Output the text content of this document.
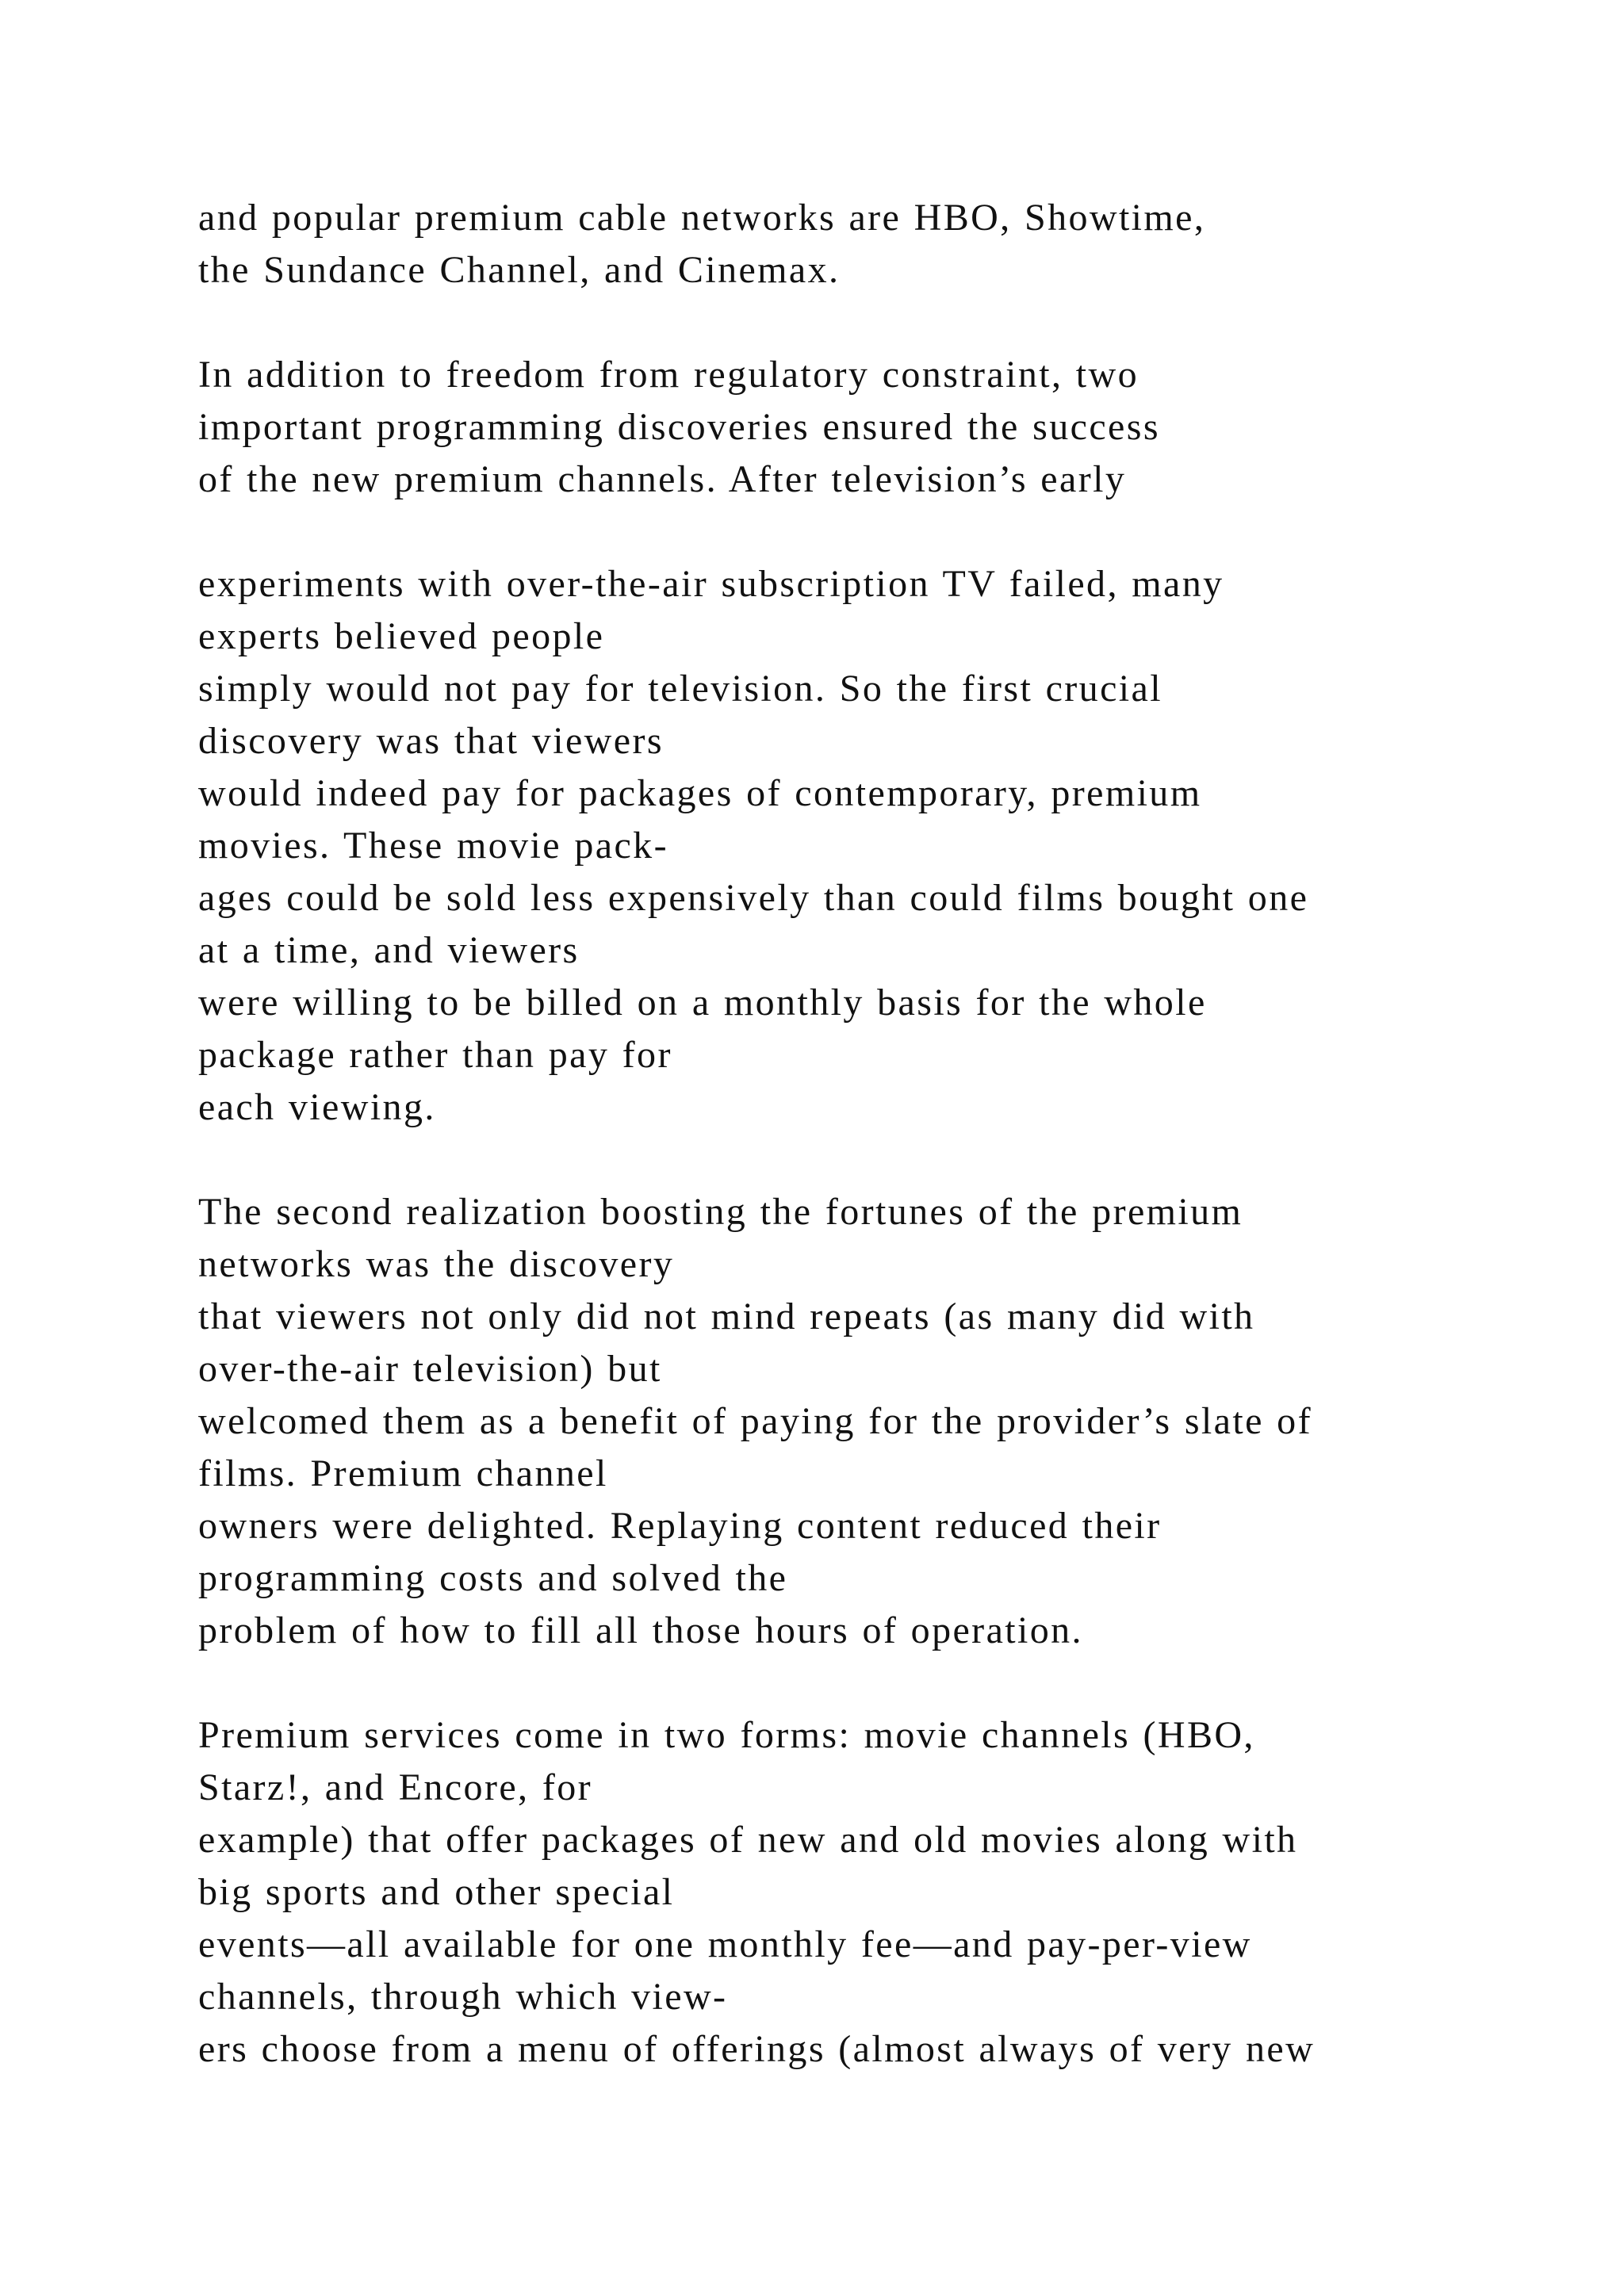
and popular premium cable networks are HBO, Showtime,
the Sundance Channel, and Cinemax.
In addition to freedom from regulatory constraint, two
important programming discoveries ensured the success
of the new premium channels. After television’s early
experiments with over-the-air subscription TV failed, many
experts believed people
simply would not pay for television. So the first crucial
discovery was that viewers
would indeed pay for packages of contemporary, premium
movies. These movie pack-
ages could be sold less expensively than could films bought one
at a time, and viewers
were willing to be billed on a monthly basis for the whole
package rather than pay for
each viewing.
The second realization boosting the fortunes of the premium
networks was the discovery
that viewers not only did not mind repeats (as many did with
over-the-air television) but
welcomed them as a benefit of paying for the provider’s slate of
films. Premium channel
owners were delighted. Replaying content reduced their
programming costs and solved the
problem of how to fill all those hours of operation.
Premium services come in two forms: movie channels (HBO,
Starz!, and Encore, for
example) that offer packages of new and old movies along with
big sports and other special
events—all available for one monthly fee—and pay-per-view
channels, through which view-
ers choose from a menu of offerings (almost always of very new
